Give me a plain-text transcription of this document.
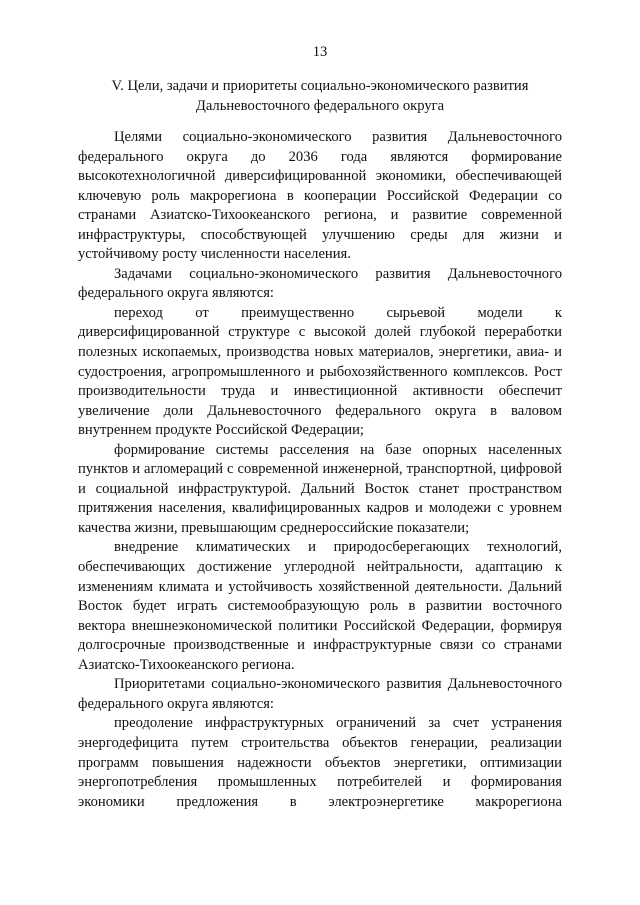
13
V. Цели, задачи и приоритеты социально-экономического развития
Дальневосточного федерального округа

Целями социально-экономического развития Дальневосточного федерального округа до 2036 года являются формирование высокотехнологичной диверсифицированной экономики, обеспечивающей ключевую роль макрорегиона в кооперации Российской Федерации со странами Азиатско-Тихоокеанского региона, и развитие современной инфраструктуры, способствующей улучшению среды для жизни и устойчивому росту численности населения.

Задачами социально-экономического развития Дальневосточного федерального округа являются:

переход от преимущественно сырьевой модели к диверсифицированной структуре с высокой долей глубокой переработки полезных ископаемых, производства новых материалов, энергетики, авиа- и судостроения, агропромышленного и рыбохозяйственного комплексов. Рост производительности труда и инвестиционной активности обеспечит увеличение доли Дальневосточного федерального округа в валовом внутреннем продукте Российской Федерации;

формирование системы расселения на базе опорных населенных пунктов и агломераций с современной инженерной, транспортной, цифровой и социальной инфраструктурой. Дальний Восток станет пространством притяжения населения, квалифицированных кадров и молодежи с уровнем качества жизни, превышающим среднероссийские показатели;

внедрение климатических и природосберегающих технологий, обеспечивающих достижение углеродной нейтральности, адаптацию к изменениям климата и устойчивость хозяйственной деятельности. Дальний Восток будет играть системообразующую роль в развитии восточного вектора внешнеэкономической политики Российской Федерации, формируя долгосрочные производственные и инфраструктурные связи со странами Азиатско-Тихоокеанского региона.

Приоритетами социально-экономического развития Дальневосточного федерального округа являются:

преодоление инфраструктурных ограничений за счет устранения энергодефицита путем строительства объектов генерации, реализации программ повышения надежности объектов энергетики, оптимизации энергопотребления промышленных потребителей и формирования экономики предложения в электроэнергетике макрорегиона
